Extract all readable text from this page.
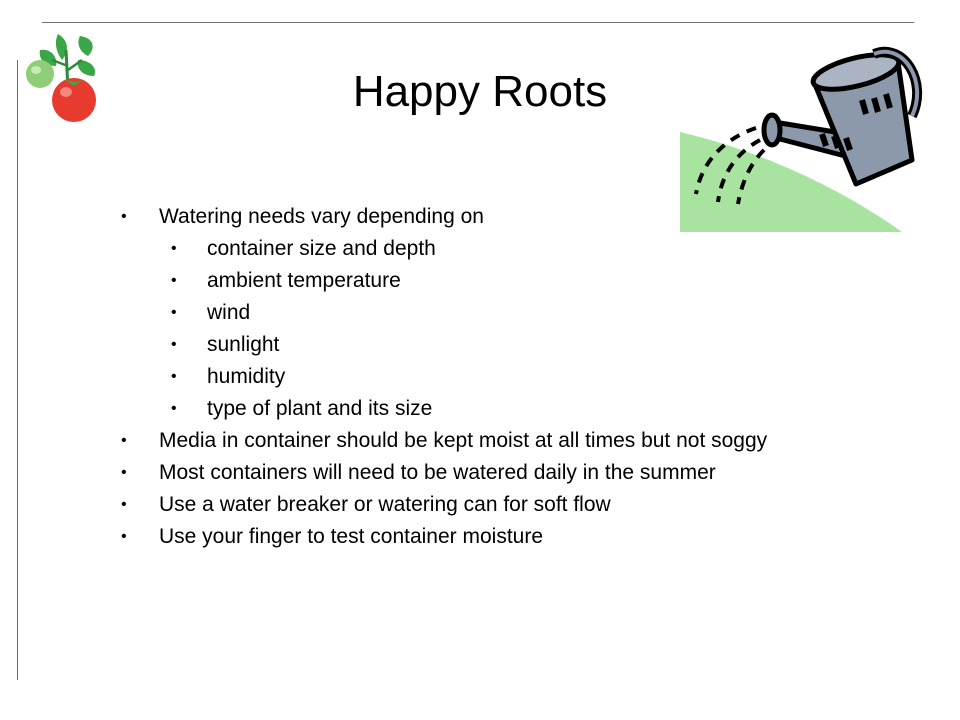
Happy Roots
• Watering needs vary depending on
• container size and depth
• ambient temperature
• wind
• sunlight
• humidity
• type of plant and its size
• Media in container should be kept moist at all times but not soggy
• Most containers will need to be watered daily in the summer
• Use a water breaker or watering can for soft flow
• Use your finger to test container moisture
